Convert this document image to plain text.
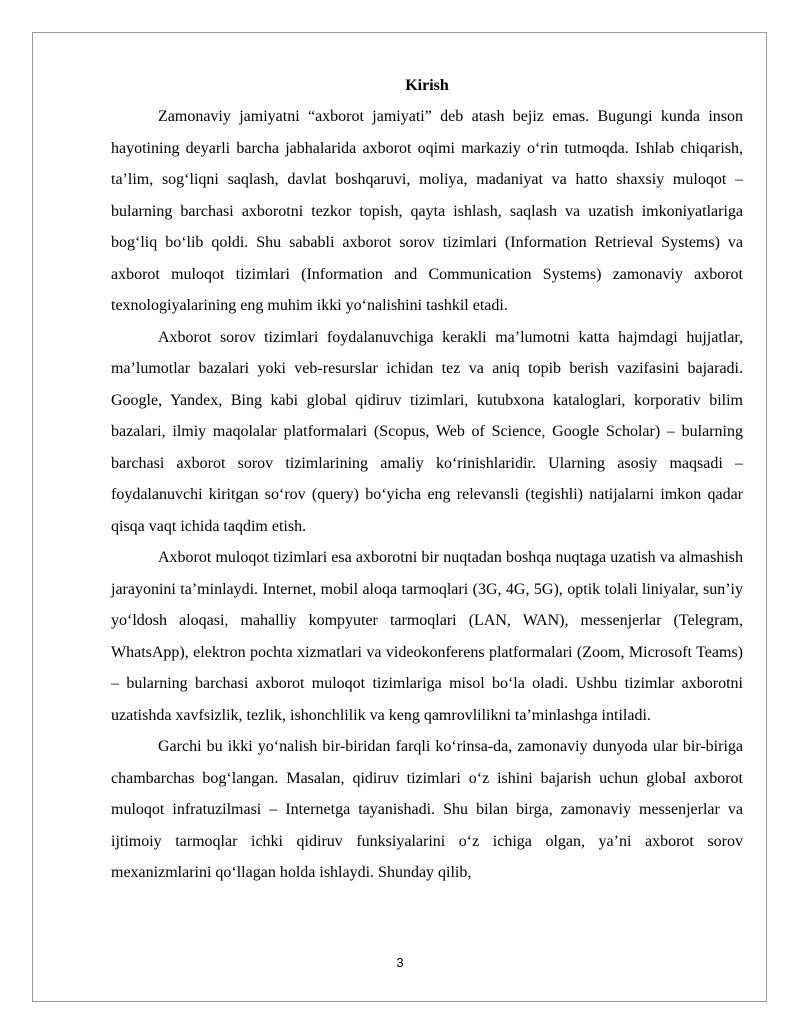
Kirish

Zamonaviy jamiyatni “axborot jamiyati” deb atash bejiz emas. Bugungi kunda inson hayotining deyarli barcha jabhalarida axborot oqimi markaziy o‘rin tutmoqda. Ishlab chiqarish, ta’lim, sog‘liqni saqlash, davlat boshqaruvi, moliya, madaniyat va hatto shaxsiy muloqot – bularning barchasi axborotni tezkor topish, qayta ishlash, saqlash va uzatish imkoniyatlariga bog‘liq bo‘lib qoldi. Shu sababli axborot sorov tizimlari (Information Retrieval Systems) va axborot muloqot tizimlari (Information and Communication Systems) zamonaviy axborot texnologiyalarining eng muhim ikki yo‘nalishini tashkil etadi.

Axborot sorov tizimlari foydalanuvchiga kerakli ma’lumotni katta hajmdagi hujjatlar, ma’lumotlar bazalari yoki veb-resurslar ichidan tez va aniq topib berish vazifasini bajaradi. Google, Yandex, Bing kabi global qidiruv tizimlari, kutubxona kataloglari, korporativ bilim bazalari, ilmiy maqolalar platformalari (Scopus, Web of Science, Google Scholar) – bularning barchasi axborot sorov tizimlarining amaliy ko‘rinishlaridir. Ularning asosiy maqsadi – foydalanuvchi kiritgan so‘rov (query) bo‘yicha eng relevansli (tegishli) natijalarni imkon qadar qisqa vaqt ichida taqdim etish.

Axborot muloqot tizimlari esa axborotni bir nuqtadan boshqa nuqtaga uzatish va almashish jarayonini ta’minlaydi. Internet, mobil aloqa tarmoqlari (3G, 4G, 5G), optik tolali liniyalar, sun’iy yo‘ldosh aloqasi, mahalliy kompyuter tarmoqlari (LAN, WAN), messenjerlar (Telegram, WhatsApp), elektron pochta xizmatlari va videokonferens platformalari (Zoom, Microsoft Teams) – bularning barchasi axborot muloqot tizimlariga misol bo‘la oladi. Ushbu tizimlar axborotni uzatishda xavfsizlik, tezlik, ishonchlilik va keng qamrovlilikni ta’minlashga intiladi.

Garchi bu ikki yo‘nalish bir-biridan farqli ko‘rinsa-da, zamonaviy dunyoda ular bir-biriga chambarchas bog‘langan. Masalan, qidiruv tizimlari o‘z ishini bajarish uchun global axborot muloqot infratuzilmasi – Internetga tayanishadi. Shu bilan birga, zamonaviy messenjerlar va ijtimoiy tarmoqlar ichki qidiruv funksiyalarini o‘z ichiga olgan, ya’ni axborot sorov mexanizmlarini qo‘llagan holda ishlaydi. Shunday qilib,

3
